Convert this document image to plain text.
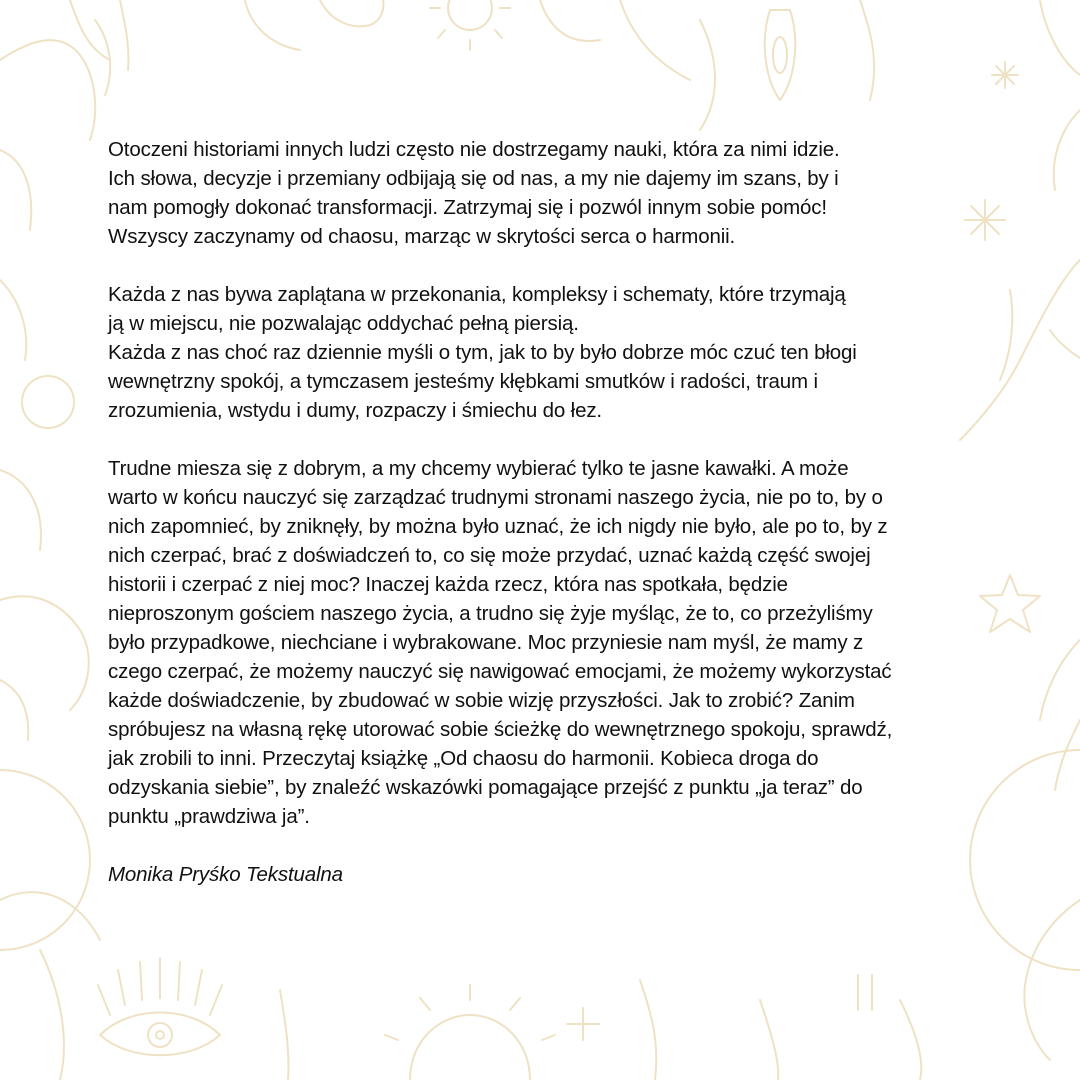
Otoczeni historiami innych ludzi często nie dostrzegamy nauki, która za nimi idzie.
Ich słowa, decyzje i przemiany odbijają się od nas, a my nie dajemy im szans, by i
nam pomogły dokonać transformacji. Zatrzymaj się i pozwól innym sobie pomóc!
Wszyscy zaczynamy od chaosu, marząc w skrytości serca o harmonii.

Każda z nas bywa zaplątana w przekonania, kompleksy i schematy, które trzymają
ją w miejscu, nie pozwalając oddychać pełną piersią.

Każda z nas choć raz dziennie myśli o tym, jak to by było dobrze móc czuć ten błogi
wewnętrzny spokój, a tymczasem jesteśmy kłębkami smutków i radości, traum i
zrozumienia, wstydu i dumy, rozpaczy i śmiechu do łez.

Trudne miesza się z dobrym, a my chcemy wybierać tylko te jasne kawałki. A może
warto w końcu nauczyć się zarządzać trudnymi stronami naszego życia, nie po to, by o
nich zapomnieć, by zniknęły, by można było uznać, że ich nigdy nie było, ale po to, by z
nich czerpać, brać z doświadczeń to, co się może przydać, uznać każdą część swojej
historii i czerpać z niej moc? Inaczej każda rzecz, która nas spotkała, będzie
nieproszonym gościem naszego życia, a trudno się żyje myśląc, że to, co przeżyliśmy
było przypadkowe, niechciane i wybrakowane. Moc przyniesie nam myśl, że mamy z
czego czerpać, że możemy nauczyć się nawigować emocjami, że możemy wykorzystać
każde doświadczenie, by zbudować w sobie wizję przyszłości. Jak to zrobić? Zanim
spróbujesz na własną rękę utorować sobie ścieżkę do wewnętrznego spokoju, sprawdź,
jak zrobili to inni. Przeczytaj książkę „Od chaosu do harmonii. Kobieca droga do
odzyskania siebie”, by znaleźć wskazówki pomagające przejść z punktu „ja teraz” do
punktu „prawdziwa ja”.

Monika Pryśko Tekstualna
